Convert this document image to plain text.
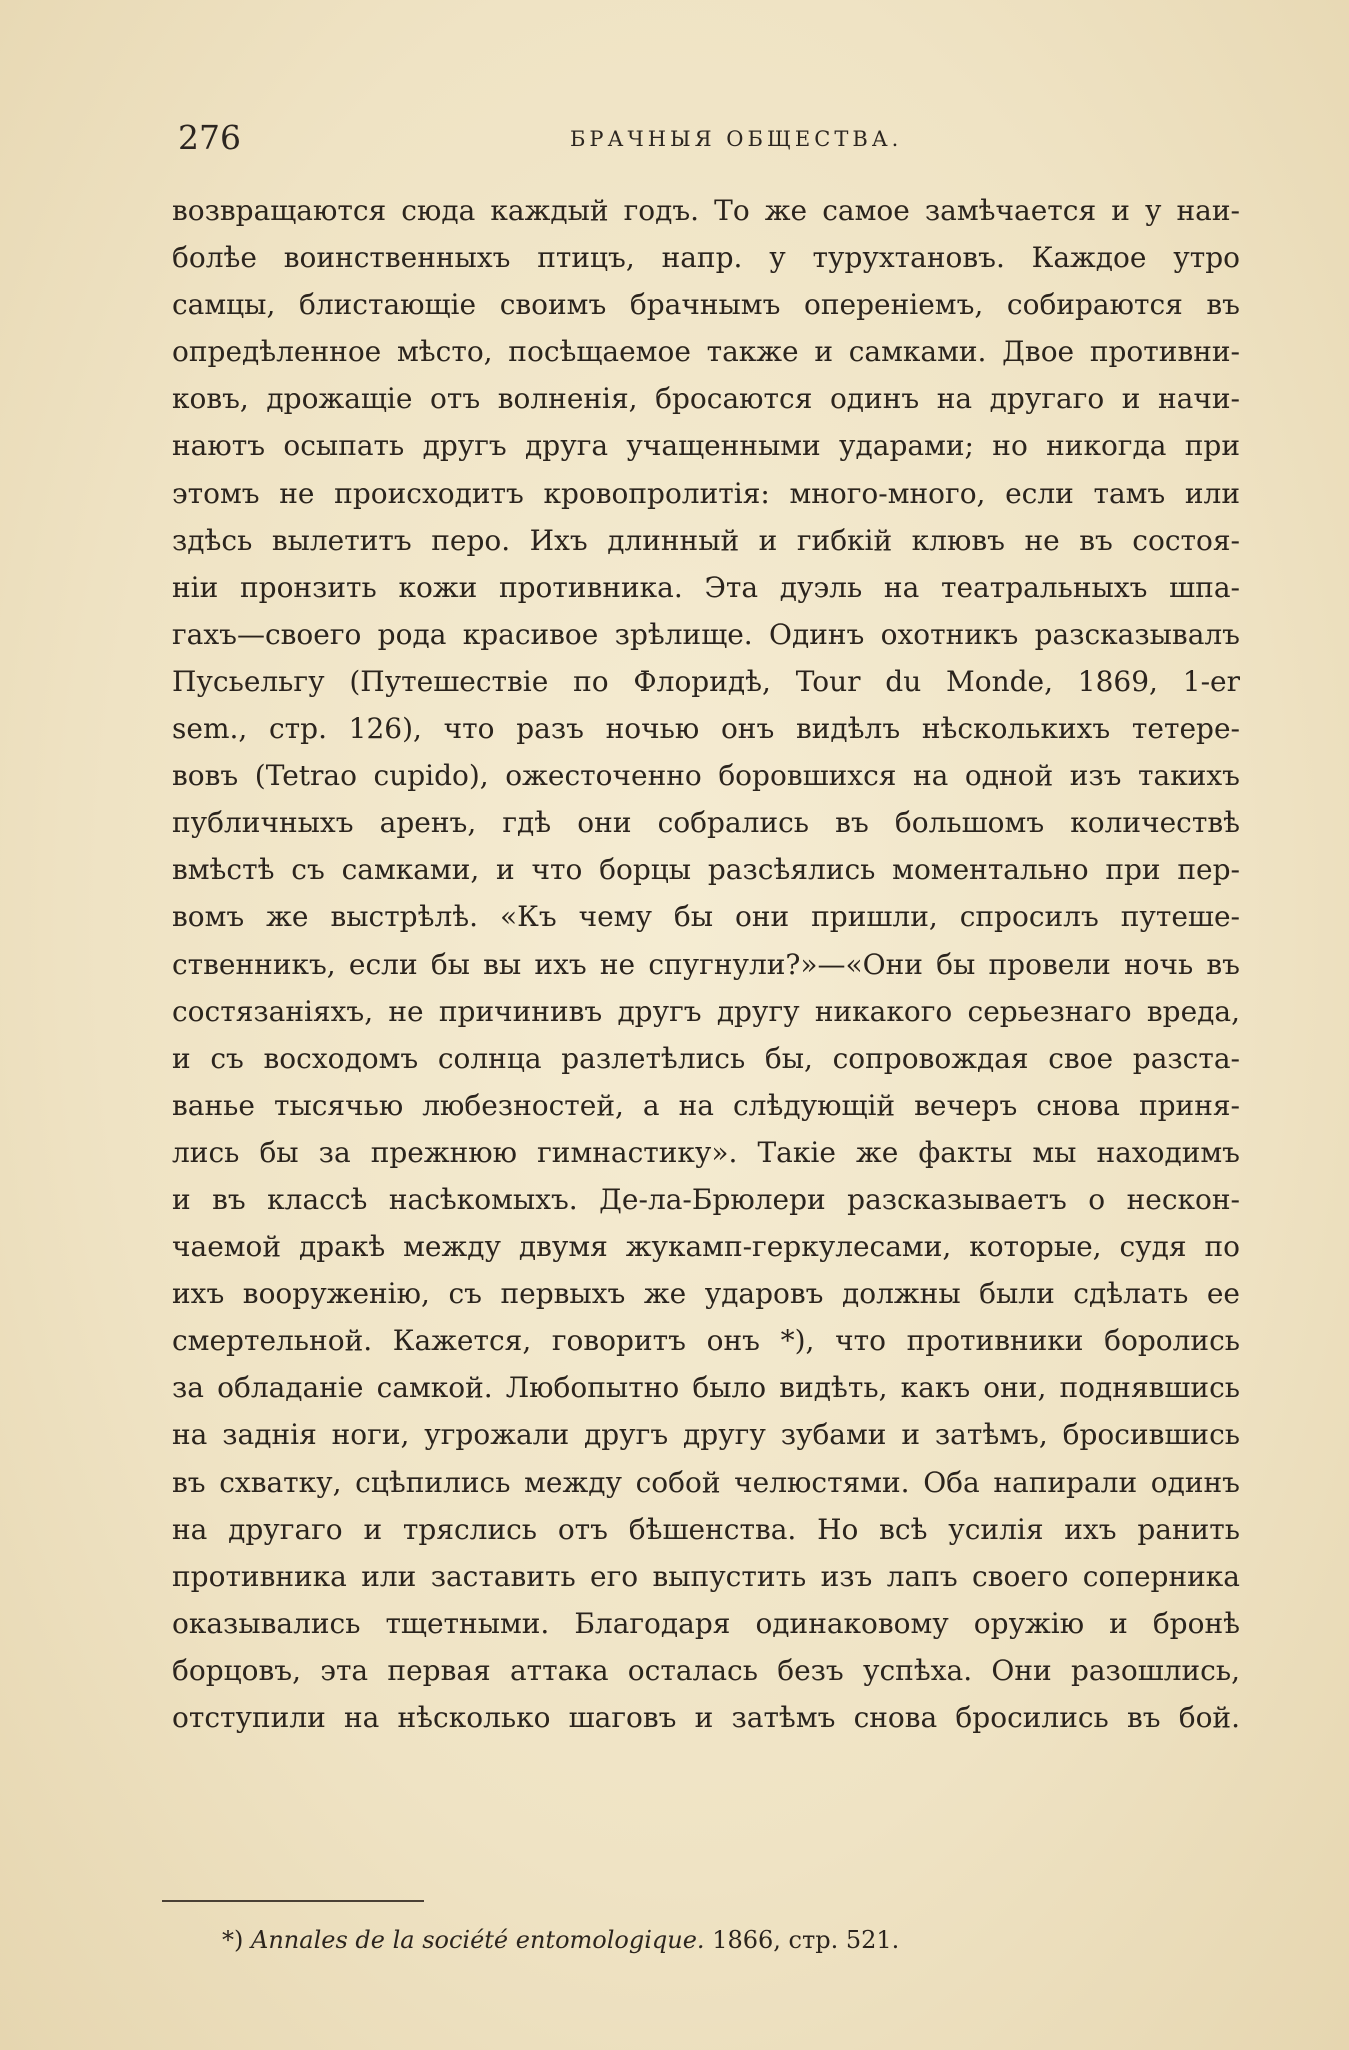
276	БРАЧНЫЯ ОБЩЕСТВА.
возвращаются сюда каждый годъ. То же самое замѣчается и у наи-
болѣе воинственныхъ птицъ, напр. у турухтановъ. Каждое утро
самцы, блистающіе своимъ брачнымъ опереніемъ, собираются въ
опредѣленное мѣсто, посѣщаемое также и самками. Двое противни-
ковъ, дрожащіе отъ волненія, бросаются одинъ на другаго и начи-
наютъ осыпать другъ друга учащенными ударами; но никогда при
этомъ не происходитъ кровопролитія: много-много, если тамъ или
здѣсь вылетитъ перо. Ихъ длинный и гибкій клювъ не въ состоя-
ніи пронзить кожи противника. Эта дуэль на театральныхъ шпа-
гахъ—своего рода красивое зрѣлище. Одинъ охотникъ разсказывалъ
Пусьельгу (Путешествіе по Флоридѣ, Tour du Monde, 1869, 1-er
sem., стр. 126), что разъ ночью онъ видѣлъ нѣсколькихъ тетере-
вовъ (Tetrao cupido), ожесточенно боровшихся на одной изъ такихъ
публичныхъ аренъ, гдѣ они собрались въ большомъ количествѣ
вмѣстѣ съ самками, и что борцы разсѣялись моментально при пер-
вомъ же выстрѣлѣ. «Къ чему бы они пришли, спросилъ путеше-
ственникъ, если бы вы ихъ не спугнули?»—«Они бы провели ночь въ
состязаніяхъ, не причинивъ другъ другу никакого серьезнаго вреда,
и съ восходомъ солнца разлетѣлись бы, сопровождая свое разста-
ванье тысячью любезностей, а на слѣдующій вечеръ снова приня-
лись бы за прежнюю гимнастику». Такіе же факты мы находимъ
и въ классѣ насѣкомыхъ. Де-ла-Брюлери разсказываетъ о нескон-
чаемой дракѣ между двумя жукамп-геркулесами, которые, судя по
ихъ вооруженію, съ первыхъ же ударовъ должны были сдѣлать ее
смертельной. Кажется, говоритъ онъ *), что противники боролись
за обладаніе самкой. Любопытно было видѣть, какъ они, поднявшись
на заднія ноги, угрожали другъ другу зубами и затѣмъ, бросившись
въ схватку, сцѣпились между собой челюстями. Оба напирали одинъ
на другаго и тряслись отъ бѣшенства. Но всѣ усилія ихъ ранить
противника или заставить его выпустить изъ лапъ своего соперника
оказывались тщетными. Благодаря одинаковому оружію и бронѣ
борцовъ, эта первая аттака осталась безъ успѣха. Они разошлись,
отступили на нѣсколько шаговъ и затѣмъ снова бросились въ бой.
*) Annales de la société entomologique. 1866, стр. 521.
